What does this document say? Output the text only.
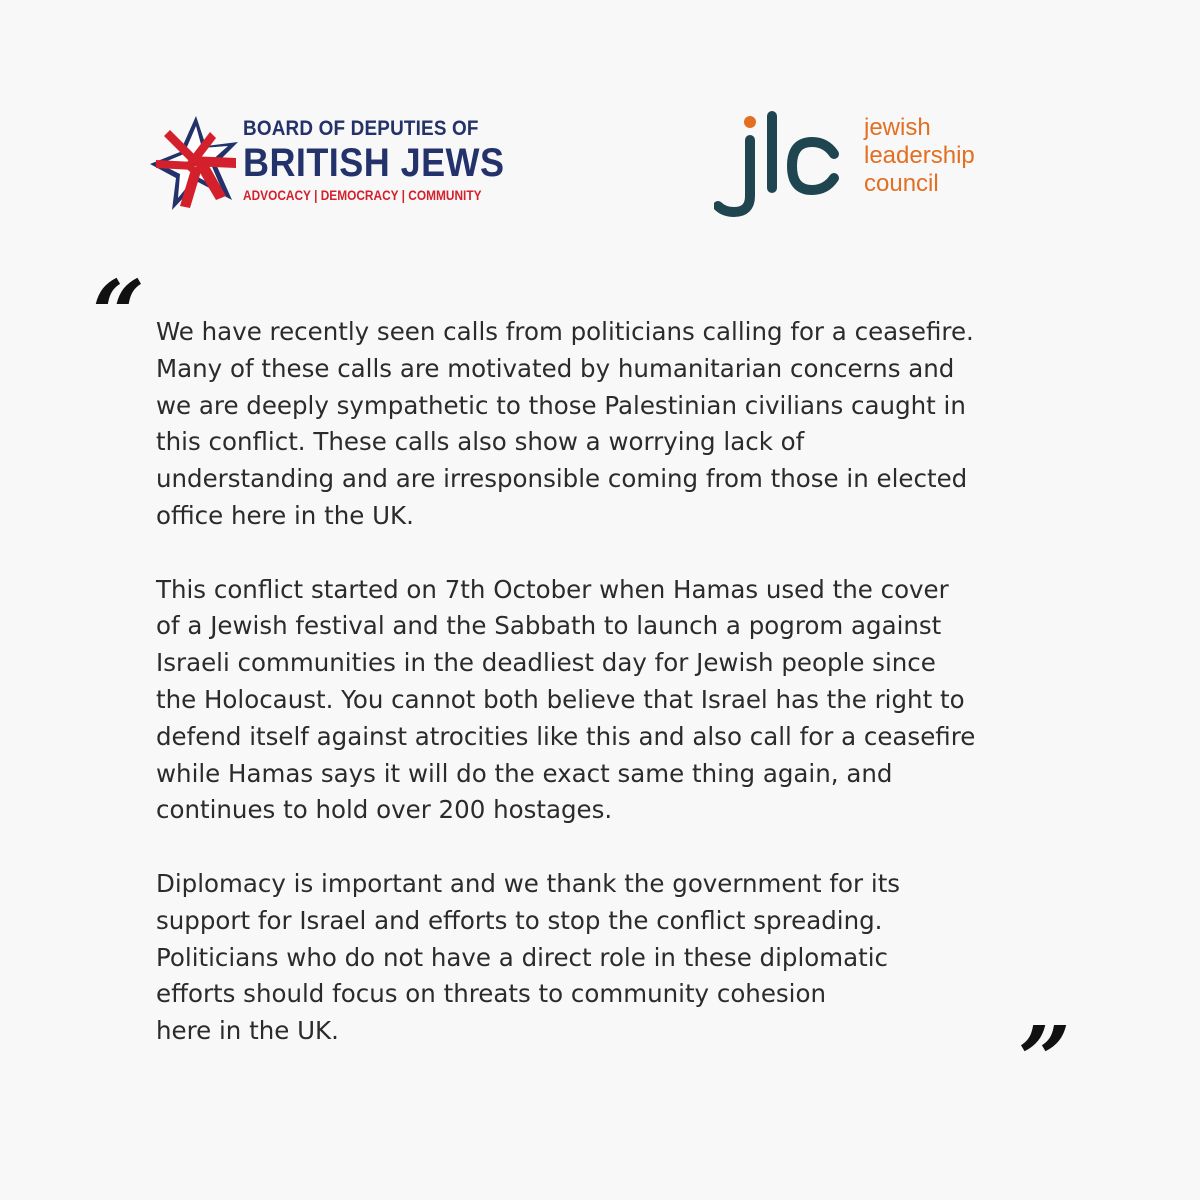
BOARD OF DEPUTIES OF
BRITISH JEWS
ADVOCACY | DEMOCRACY | COMMUNITY
jewish
leadership
council
“
”

We have recently seen calls from politicians calling for a ceasefire.
Many of these calls are motivated by humanitarian concerns and
we are deeply sympathetic to those Palestinian civilians caught in
this conflict. These calls also show a worrying lack of
understanding and are irresponsible coming from those in elected
office here in the UK.

This conflict started on 7th October when Hamas used the cover
of a Jewish festival and the Sabbath to launch a pogrom against
Israeli communities in the deadliest day for Jewish people since
the Holocaust. You cannot both believe that Israel has the right to
defend itself against atrocities like this and also call for a ceasefire
while Hamas says it will do the exact same thing again, and
continues to hold over 200 hostages.

Diplomacy is important and we thank the government for its
support for Israel and efforts to stop the conflict spreading.
Politicians who do not have a direct role in these diplomatic
efforts should focus on threats to community cohesion
here in the UK.
